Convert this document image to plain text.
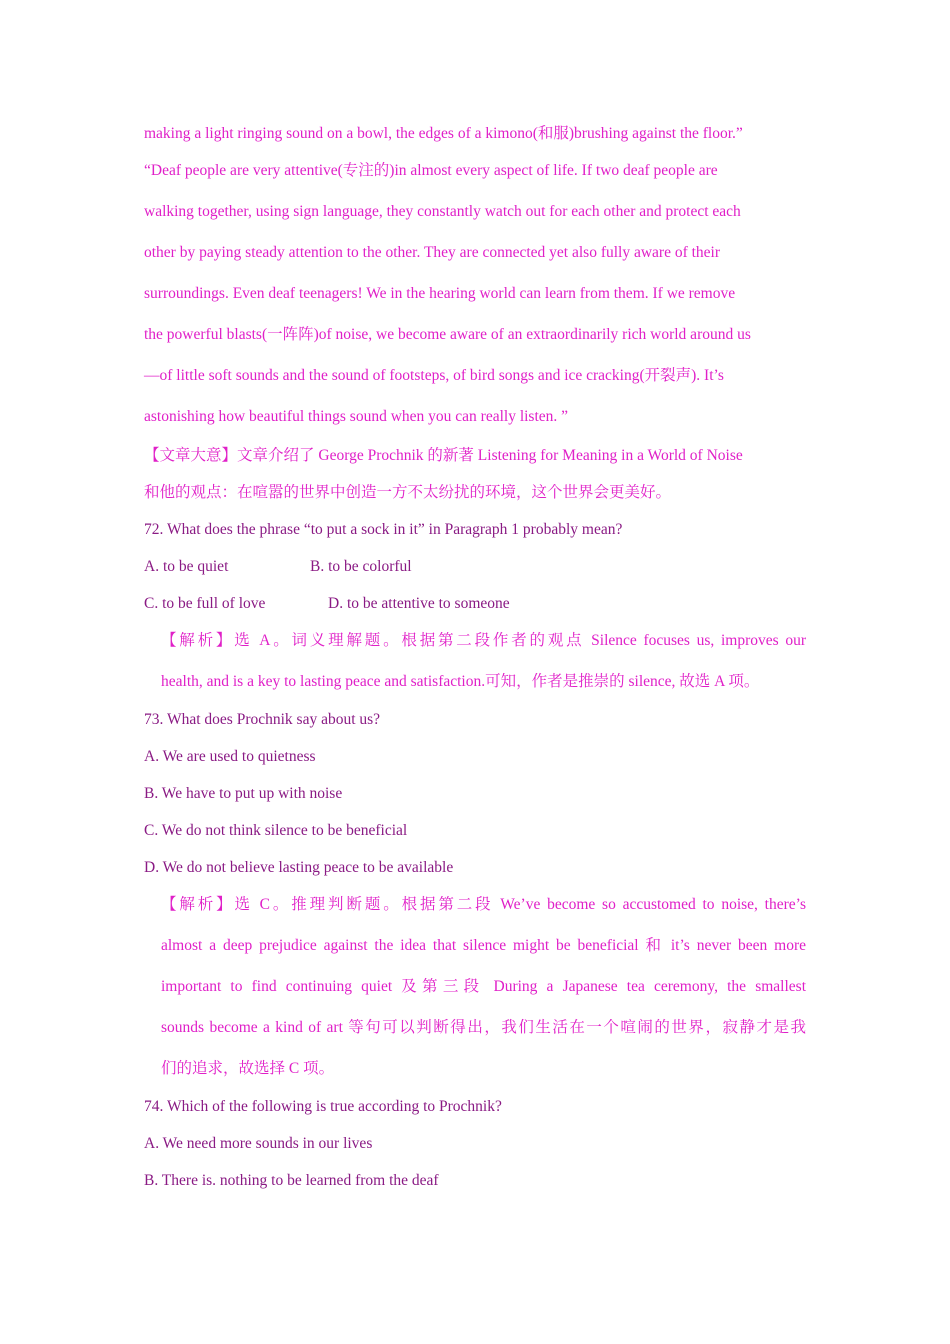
making a light ringing sound on a bowl, the edges of a kimono(和服)brushing against the floor.”
“Deaf people are very attentive(专注的)in almost every aspect of life. If two deaf people are
walking together, using sign language, they constantly watch out for each other and protect each
other by paying steady attention to the other. They are connected yet also fully aware of their
surroundings. Even deaf teenagers! We in the hearing world can learn from them. If we remove
the powerful blasts(一阵阵)of noise, we become aware of an extraordinarily rich world around us
—of little soft sounds and the sound of footsteps, of bird songs and ice cracking(开裂声). It’s
astonishing how beautiful things sound when you can really listen. ”
【文章大意】文章介绍了 George Prochnik 的新著 Listening for Meaning in a World of Noise
和他的观点：在喧嚣的世界中创造一方不太纷扰的环境，这个世界会更美好。
72. What does the phrase “to put a sock in it” in Paragraph 1 probably mean?
A. to be quiet	B. to be colorful
C. to be full of love	D. to be attentive to someone
【解析】选 A。词义理解题。根据第二段作者的观点 Silence focuses us, improves our
health, and is a key to lasting peace and satisfaction.可知，作者是推崇的 silence, 故选 A 项。
73. What does Prochnik say about us?
A. We are used to quietness
B. We have to put up with noise
C. We do not think silence to be beneficial
D. We do not believe lasting peace to be available
【解析】选 C。推理判断题。根据第二段 We’ve become so accustomed to noise, there’s
almost a deep prejudice against the idea that silence might be beneficial 和 it’s never been more
important to find continuing quiet 及第三段 During a Japanese tea ceremony, the smallest
sounds become a kind of art 等句可以判断得出，我们生活在一个喧闹的世界，寂静才是我
们的追求，故选择 C 项。
74. Which of the following is true according to Prochnik?
A. We need more sounds in our lives
B. There is. nothing to be learned from the deaf
